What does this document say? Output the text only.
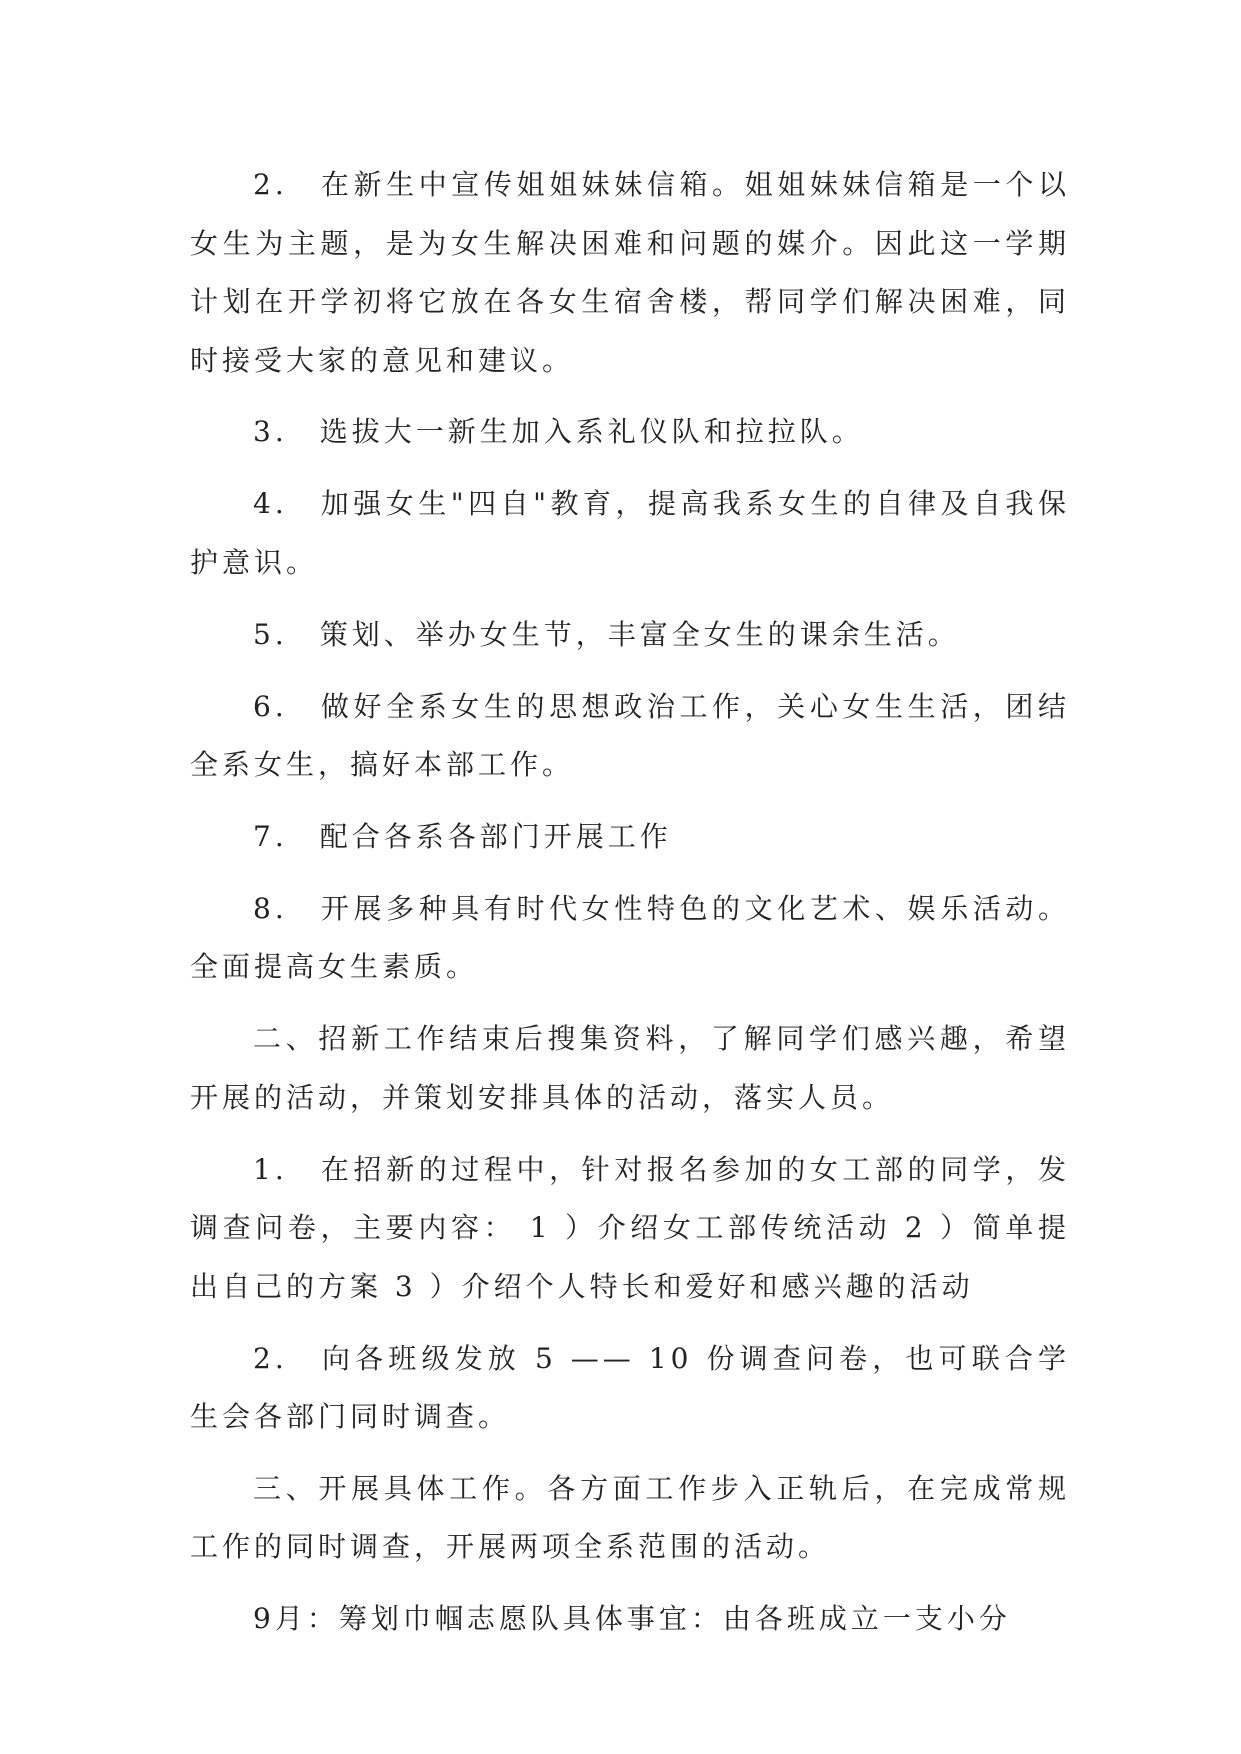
2.　在新生中宣传姐姐妹妹信箱。姐姐妹妹信箱是一个以女生为主题，是为女生解决困难和问题的媒介。因此这一学期计划在开学初将它放在各女生宿舍楼，帮同学们解决困难，同时接受大家的意见和建议。

3.　选拔大一新生加入系礼仪队和拉拉队。

4.　加强女生"四自"教育，提高我系女生的自律及自我保护意识。

5.　策划、举办女生节，丰富全女生的课余生活。

6.　做好全系女生的思想政治工作，关心女生生活，团结全系女生，搞好本部工作。

7.　配合各系各部门开展工作

8.　开展多种具有时代女性特色的文化艺术、娱乐活动。全面提高女生素质。

二、招新工作结束后搜集资料，了解同学们感兴趣，希望开展的活动，并策划安排具体的活动，落实人员。

1.　在招新的过程中，针对报名参加的女工部的同学，发调查问卷，主要内容： 1 ）介绍女工部传统活动 2 ）简单提出自己的方案 3 ）介绍个人特长和爱好和感兴趣的活动

2.　向各班级发放 5 —— 10 份调查问卷，也可联合学生会各部门同时调查。

三、开展具体工作。各方面工作步入正轨后，在完成常规工作的同时调查，开展两项全系范围的活动。

9月：筹划巾帼志愿队具体事宜：由各班成立一支小分
